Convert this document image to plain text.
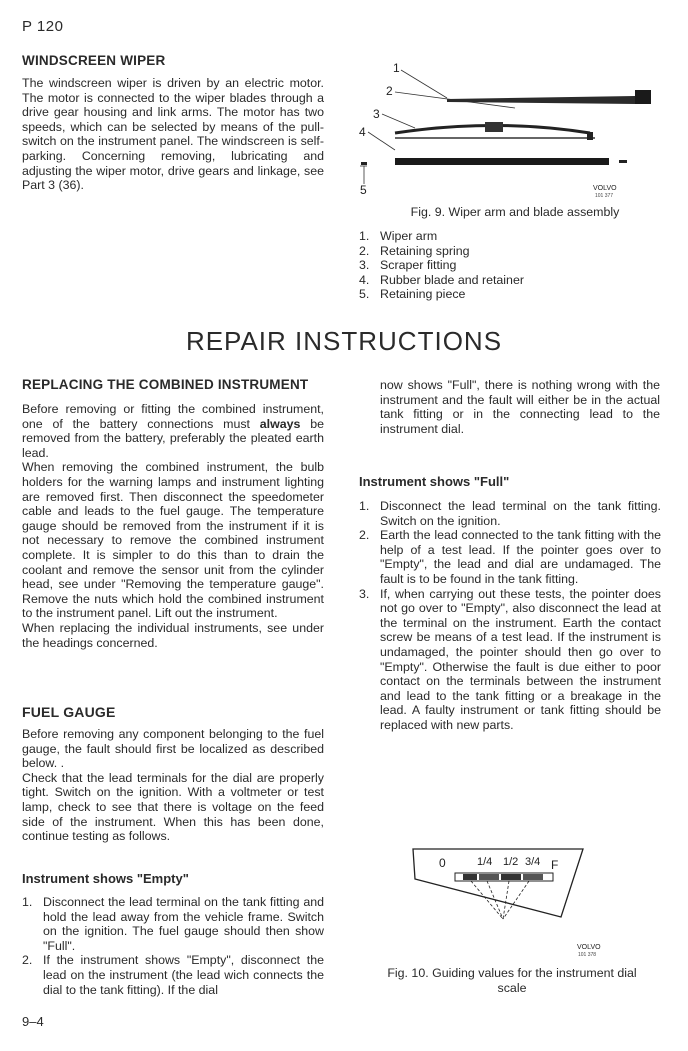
P 120
WINDSCREEN WIPER
The windscreen wiper is driven by an electric motor. The motor is connected to the wiper blades through a drive gear housing and link arms. The motor has two speeds, which can be selected by means of the pull-switch on the instrument panel. The windscreen is self-parking. Concerning removing, lubricating and adjusting the wiper motor, drive gears and linkage, see Part 3 (36).
1
2
3
4
5	VOLVO
101 377
Fig. 9. Wiper arm and blade assembly
1. Wiper arm
2. Retaining spring
3. Scraper fitting
4. Rubber blade and retainer
5. Retaining piece
REPAIR INSTRUCTIONS
REPLACING THE COMBINED INSTRUMENT
Before removing or fitting the combined instrument, one of the battery connections must always be removed from the battery, preferably the pleated earth lead.
When removing the combined instrument, the bulb holders for the warning lamps and instrument lighting are removed first. Then disconnect the speedometer cable and leads to the fuel gauge. The temperature gauge should be removed from the instrument if it is not necessary to remove the combined instrument complete. It is simpler to do this than to drain the coolant and remove the sensor unit from the cylinder head, see under "Removing the temperature gauge". Remove the nuts which hold the combined instrument to the instrument panel. Lift out the instrument.
When replacing the individual instruments, see under the headings concerned.
FUEL GAUGE
Before removing any component belonging to the fuel gauge, the fault should first be localized as described below. .
Check that the lead terminals for the dial are properly tight. Switch on the ignition. With a voltmeter or test lamp, check to see that there is voltage on the feed side of the instrument. When this has been done, continue testing as follows.
Instrument shows "Empty"
1. Disconnect the lead terminal on the tank fitting and hold the lead away from the vehicle frame. Switch on the ignition. The fuel gauge should then show "Full".
2. If the instrument shows "Empty", disconnect the lead on the instrument (the lead wich connects the dial to the tank fitting). If the dial
now shows "Full", there is nothing wrong with the instrument and the fault will either be in the actual tank fitting or in the connecting lead to the instrument dial.
Instrument shows "Full"
1. Disconnect the lead terminal on the tank fitting. Switch on the ignition.
2. Earth the lead connected to the tank fitting with the help of a test lead. If the pointer goes over to "Empty", the lead and dial are undamaged. The fault is to be found in the tank fitting.
3. If, when carrying out these tests, the pointer does not go over to "Empty", also disconnect the lead at the terminal on the instrument. Earth the contact screw be means of a test lead. If the instrument is undamaged, the pointer should then go over to "Empty". Otherwise the fault is due either to poor contact on the terminals between the instrument and lead to the tank fitting or a breakage in the lead. A faulty instrument or tank fitting should be replaced with new parts.
0	1/4 1/2 3/4 F
VOLVO
101 378
Fig. 10. Guiding values for the instrument dial scale
9–4
